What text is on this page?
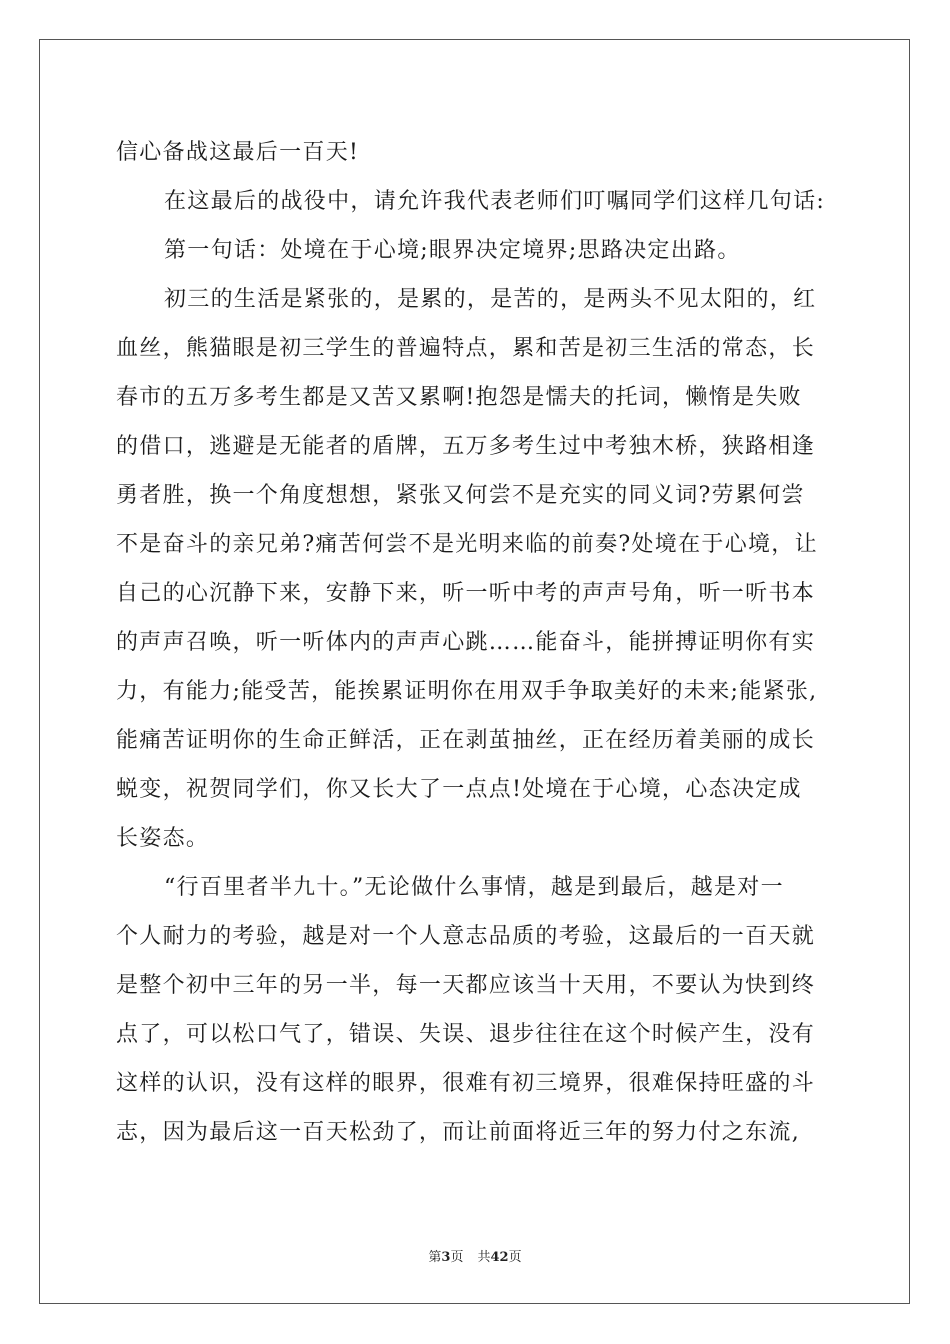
信心备战这最后一百天!
在这最后的战役中，请允许我代表老师们叮嘱同学们这样几句话:
第一句话：处境在于心境;眼界决定境界;思路决定出路。
初三的生活是紧张的，是累的，是苦的，是两头不见太阳的，红
血丝，熊猫眼是初三学生的普遍特点，累和苦是初三生活的常态，长
春市的五万多考生都是又苦又累啊!抱怨是懦夫的托词，懒惰是失败
的借口，逃避是无能者的盾牌，五万多考生过中考独木桥，狭路相逢
勇者胜，换一个角度想想，紧张又何尝不是充实的同义词?劳累何尝
不是奋斗的亲兄弟?痛苦何尝不是光明来临的前奏?处境在于心境，让
自己的心沉静下来，安静下来，听一听中考的声声号角，听一听书本
的声声召唤，听一听体内的声声心跳……能奋斗，能拼搏证明你有实
力，有能力;能受苦，能挨累证明你在用双手争取美好的未来;能紧张,
能痛苦证明你的生命正鲜活，正在剥茧抽丝，正在经历着美丽的成长
蜕变，祝贺同学们，你又长大了一点点!处境在于心境，心态决定成
长姿态。
“行百里者半九十。”无论做什么事情，越是到最后，越是对一
个人耐力的考验，越是对一个人意志品质的考验，这最后的一百天就
是整个初中三年的另一半，每一天都应该当十天用，不要认为快到终
点了，可以松口气了，错误、失误、退步往往在这个时候产生，没有
这样的认识，没有这样的眼界，很难有初三境界，很难保持旺盛的斗
志，因为最后这一百天松劲了，而让前面将近三年的努力付之东流,
第3页 共42页
